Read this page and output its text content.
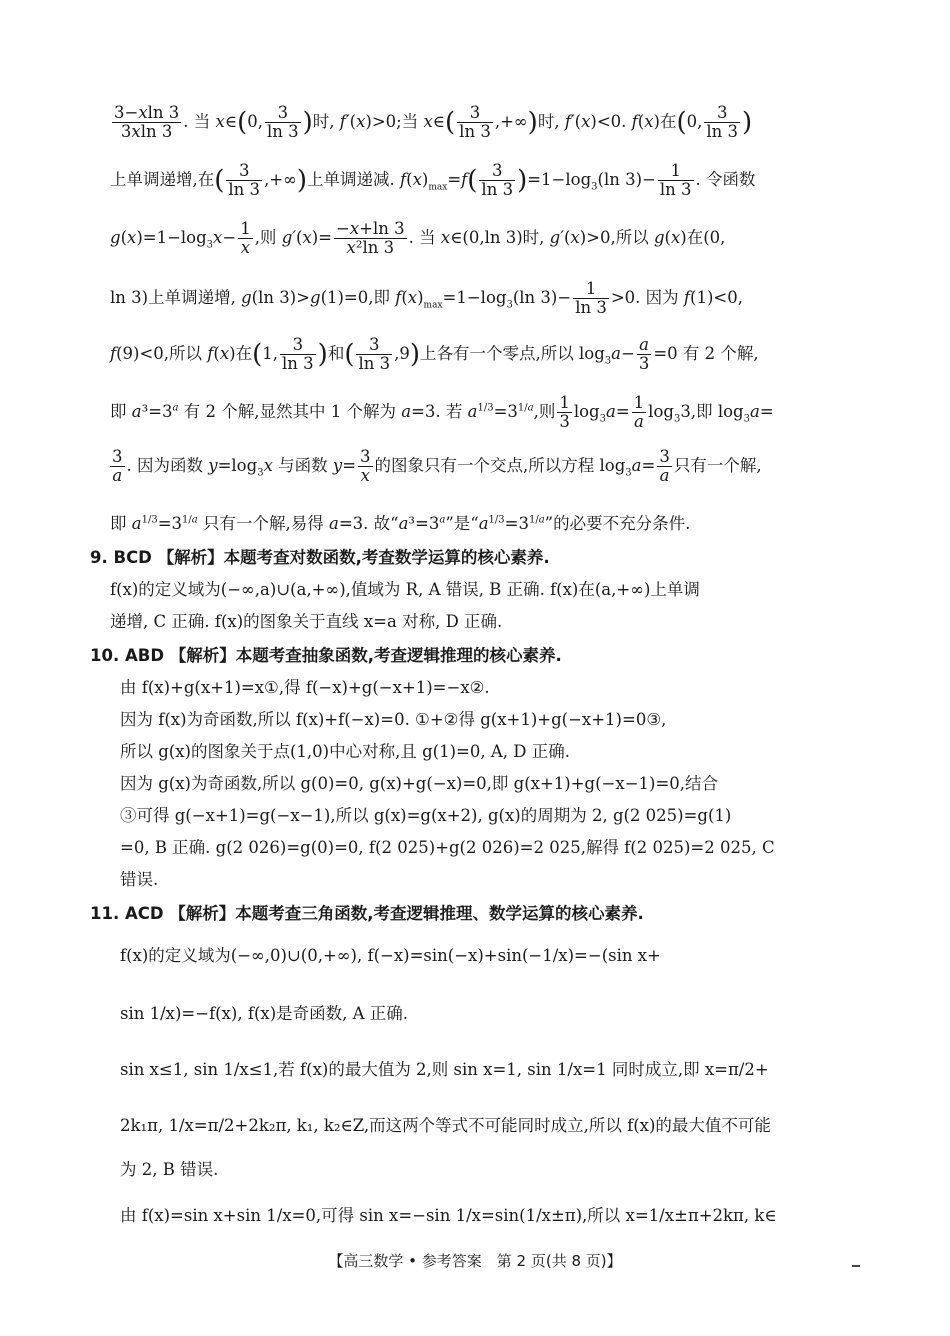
$\frac{3-xln 3}{3xln 3}$ . 当 x∈(0, $\frac{3}{\ln 3}$ )时, f′(x)>0;当 x∈( $\frac{3}{\ln 3}$ ,+∞)时, f′(x)<0. f(x)在(0, $\frac{3}{\ln 3}$ )
上单调递增,在( $\frac{3}{\ln 3}$ ,+∞)上单调递减. $f(x)_{max}=f( \frac{3}{\ln 3} )=1-\log_3(\ln$ $3)- \frac{1}{\ln 3}$ . 令函数
$g(x)=1-\log_3x- \frac{1}{x}$ ,则 $g'(x)= \frac{-x+\ln 3}{\text{x²ln 3}}$ . 当 x∈(0,ln 3)时, g′(x)>0,所以 g(x)在(0,
ln 3)上单调递增, g(ln 3)>g(1)=0,即 $f(x)_{max}=1-\log_3(\ln$ $3)- \frac{1}{\ln 3} >0$. 因为 f(1)<0,
f(9)<0,所以 f(x)在(1, $\frac{3}{\ln 3}$ )和( $\frac{3}{\ln 3} ,9$)上各有一个零点,所以 $\log_3a- \frac{a}{3} =0$ 有 2 个解,
即 $a^3=3^a$ 有 2 个解,显然其中 1 个解为 a=3. 若 $a^{1/3}=3^{1/a}$,则 $\frac{1}{3} \log_3a= \frac{1}{a} \log_33$,即 $\log_3a=$
$\frac{3}{a}$ . 因为函数 $y=\log_3x$ 与函数 $y= \frac{3}{x}$ 的图象只有一个交点,所以方程 $\log_3a= \frac{3}{a}$ 只有一个解,
即 $a^{1/3}=3^{1/a}$ 只有一个解,易得 a=3. 故“$a^3=3^a$”是“$a^{1/3}=3^{1/a}$”的必要不充分条件.
9. BCD 【解析】本题考查对数函数,考查数学运算的核心素养.
f(x)的定义域为(−∞,a)∪(a,+∞),值域为 R, A 错误, B 正确. f(x)在(a,+∞)上单调
递增, C 正确. f(x)的图象关于直线 x=a 对称, D 正确.
10. ABD 【解析】本题考查抽象函数,考查逻辑推理的核心素养.
由 f(x)+g(x+1)=x①,得 f(−x)+g(−x+1)=−x②.
因为 f(x)为奇函数,所以 f(x)+f(−x)=0. ①+②得 g(x+1)+g(−x+1)=0③,
所以 g(x)的图象关于点(1,0)中心对称,且 g(1)=0, A, D 正确.
因为 g(x)为奇函数,所以 g(0)=0, g(x)+g(−x)=0,即 g(x+1)+g(−x−1)=0,结合
③可得 g(−x+1)=g(−x−1),所以 g(x)=g(x+2), g(x)的周期为 2, g(2 025)=g(1)
=0, B 正确. g(2 026)=g(0)=0, f(2 025)+g(2 026)=2 025,解得 f(2 025)=2 025, C
错误.
11. ACD 【解析】本题考查三角函数,考查逻辑推理、数学运算的核心素养.
f(x)的定义域为(−∞,0)∪(0,+∞), f(−x)=sin(−x)+sin(−1/x)=−(sin x+
sin 1/x)=−f(x), f(x)是奇函数, A 正确.
sin x≤1, sin 1/x≤1,若 f(x)的最大值为 2,则 sin x=1, sin 1/x=1 同时成立,即 x=π/2+
2k₁π, 1/x=π/2+2k₂π, k₁, k₂∈Z,而这两个等式不可能同时成立,所以 f(x)的最大值不可能
为 2, B 错误.
由 f(x)=sin x+sin 1/x=0,可得 sin x=−sin 1/x=sin(1/x±π),所以 x=1/x±π+2kπ, k∈
【高三数学 • 参考答案　第 2 页(共 8 页)】
